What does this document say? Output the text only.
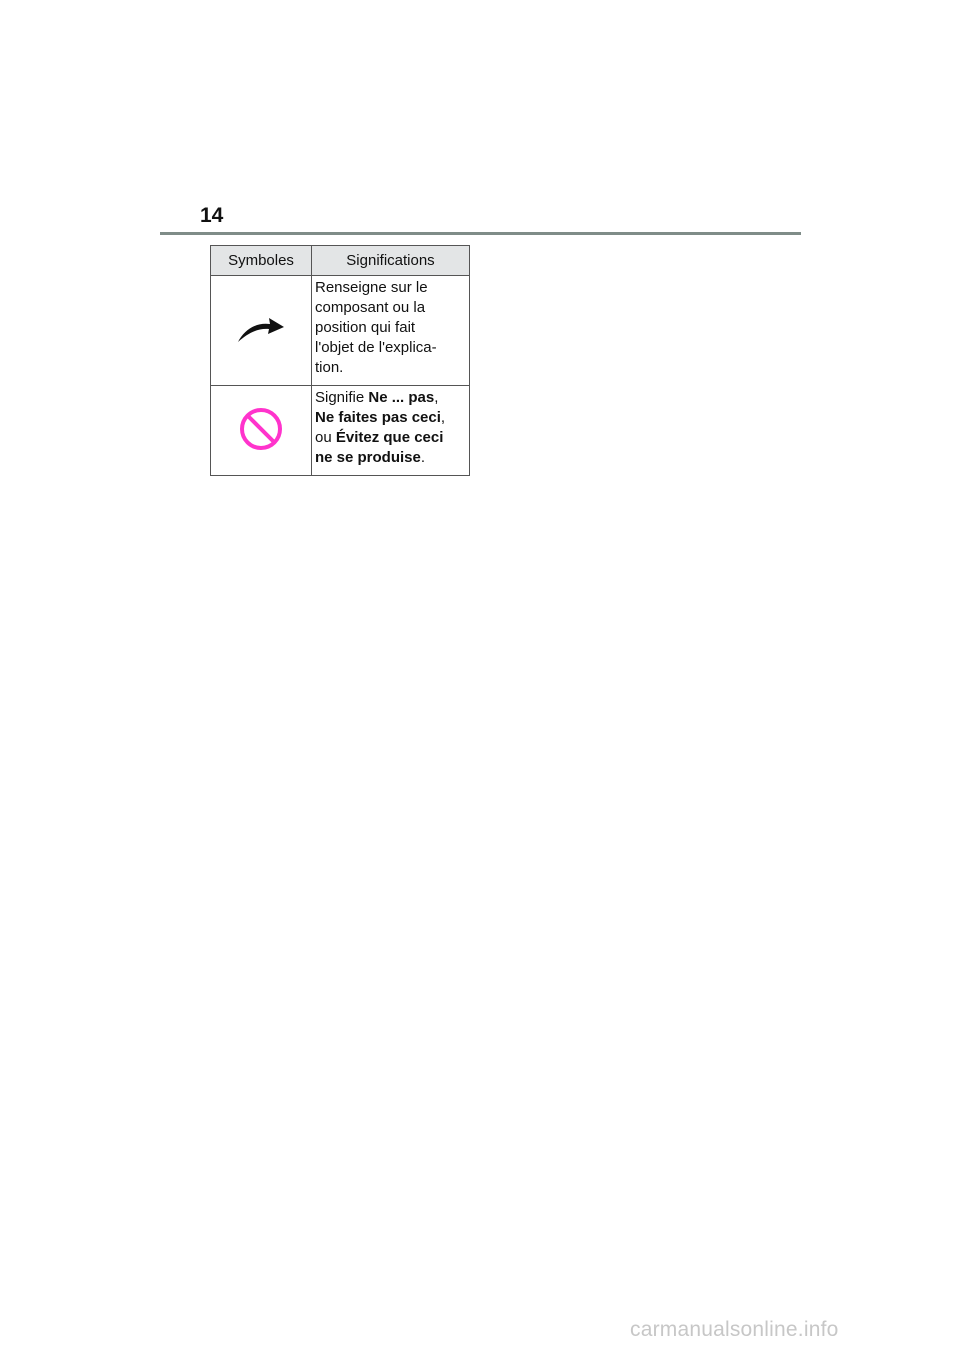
14
Symboles	Significations
	Renseigne sur le
composant ou la
position qui fait
l'objet de l'explica-
tion.
	Signifie Ne ... pas,
Ne faites pas ceci,
ou Évitez que ceci
ne se produise.
carmanualsonline.info
